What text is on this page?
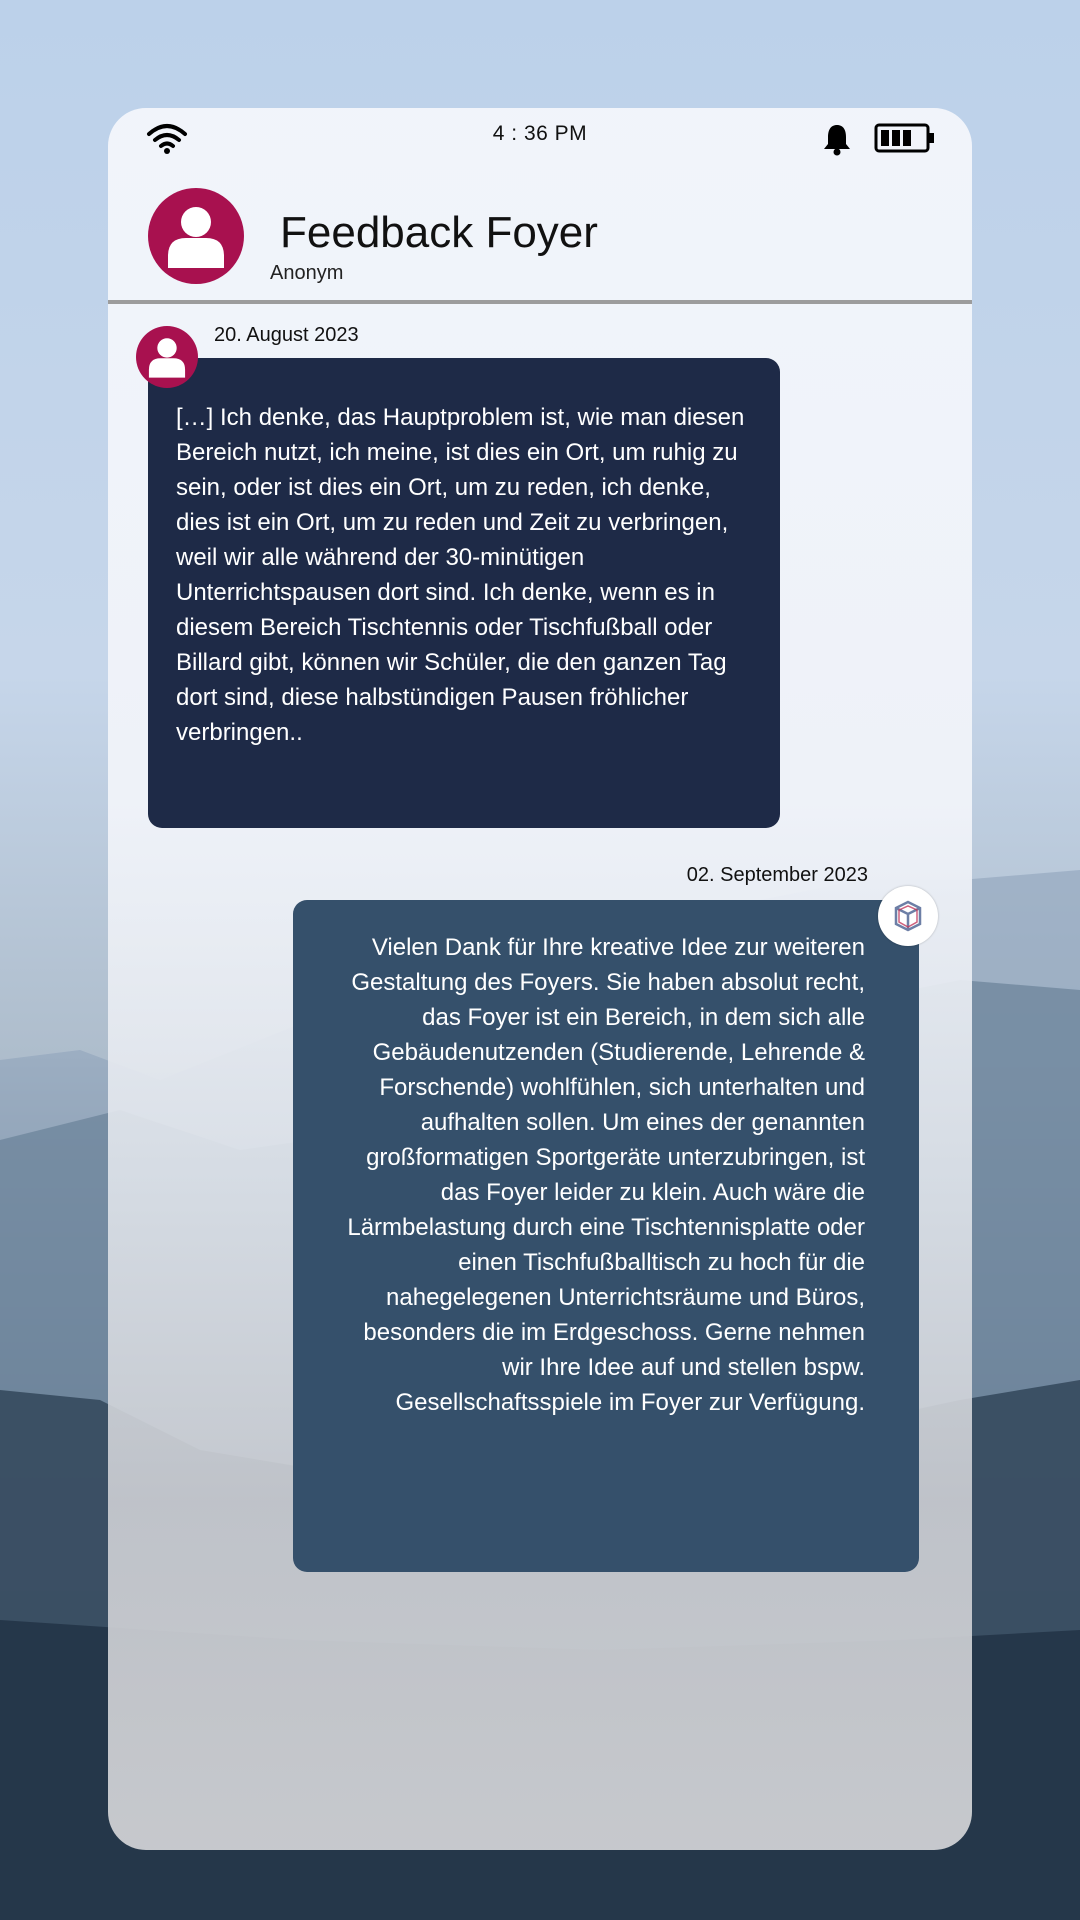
4 : 36 PM
Feedback Foyer
Anonym
20. August 2023
[…] Ich denke, das Hauptproblem ist, wie man diesen Bereich nutzt, ich meine, ist dies ein Ort, um ruhig zu sein, oder ist dies ein Ort, um zu reden, ich denke, dies ist ein Ort, um zu reden und Zeit zu verbringen, weil wir alle während der 30-minütigen Unterrichtspausen dort sind. Ich denke, wenn es in diesem Bereich Tischtennis oder Tischfußball oder Billard gibt, können wir Schüler, die den ganzen Tag dort sind, diese halbstündigen Pausen fröhlicher verbringen..
02. September 2023
Vielen Dank für Ihre kreative Idee zur weiteren Gestaltung des Foyers. Sie haben absolut recht, das Foyer ist ein Bereich, in dem sich alle Gebäudenutzenden (Studierende, Lehrende & Forschende) wohlfühlen, sich unterhalten und aufhalten sollen. Um eines der genannten großformatigen Sportgeräte unterzubringen, ist das Foyer leider zu klein. Auch wäre die Lärmbelastung durch eine Tischtennisplatte oder einen Tischfußballtisch zu hoch für die nahegelegenen Unterrichtsräume und Büros, besonders die im Erdgeschoss. Gerne nehmen wir Ihre Idee auf und stellen bspw. Gesellschaftsspiele im Foyer zur Verfügung.
